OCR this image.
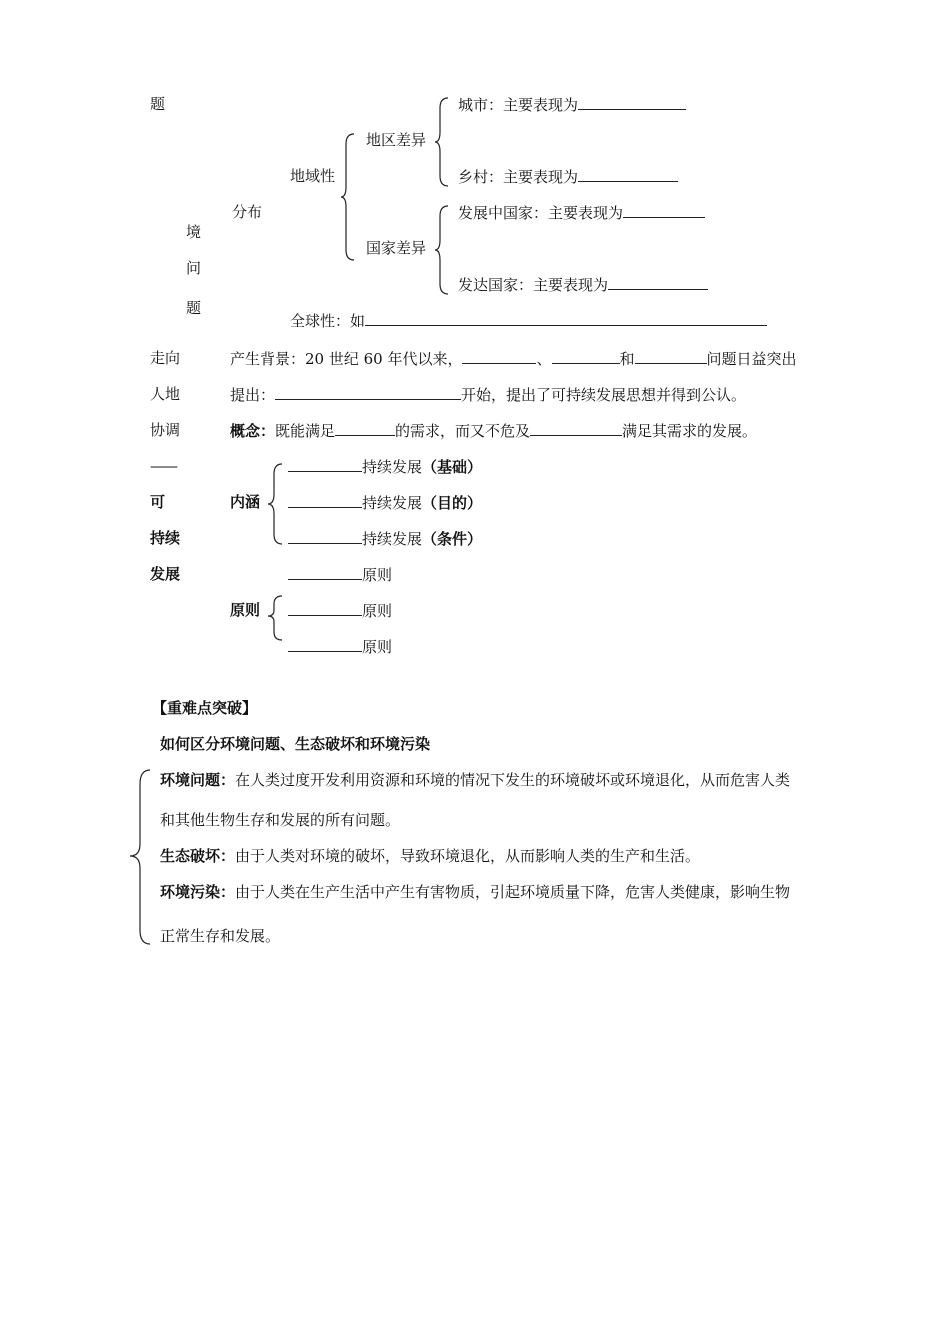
题
境
问
题
分布
地域性
地区差异
国家差异
城市：主要表现为
乡村：主要表现为
发展中国家：主要表现为
发达国家：主要表现为
全球性：如
走向
人地
协调
——
可
持续
发展
产生背景：20 世纪 60 年代以来，	、	和	问题日益突出
提出：	开始，提出了可持续发展思想并得到公认。
概念：既能满足	的需求，而又不危及	满足其需求的发展。
内涵
持续发展（基础）
持续发展（目的）
持续发展（条件）
原则
原则
原则
原则
【重难点突破】
如何区分环境问题、生态破坏和环境污染
环境问题：在人类过度开发利用资源和环境的情况下发生的环境破坏或环境退化，从而危害人类
和其他生物生存和发展的所有问题。
生态破坏：由于人类对环境的破坏，导致环境退化，从而影响人类的生产和生活。
环境污染：由于人类在生产生活中产生有害物质，引起环境质量下降，危害人类健康，影响生物
正常生存和发展。
